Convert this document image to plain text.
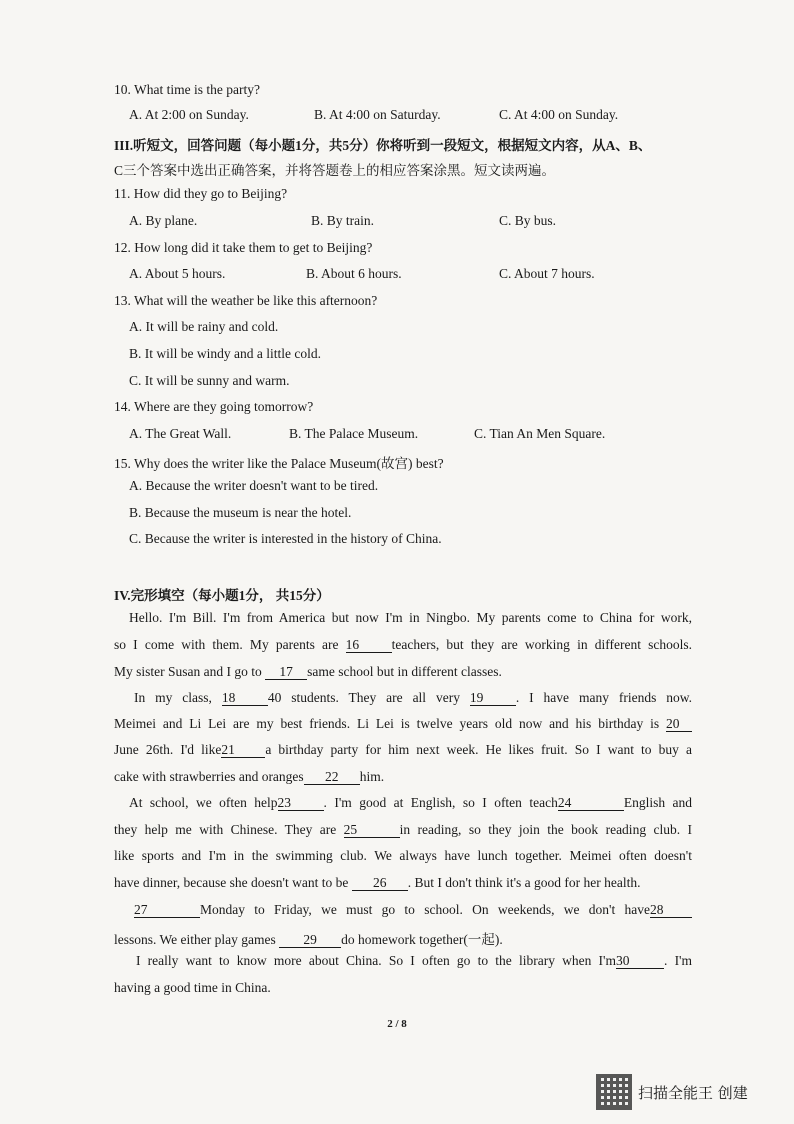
10. What time is the party?
A. At 2:00 on Sunday.	B. At 4:00 on Saturday.	C. At 4:00 on Sunday.
III.听短文，回答问题（每小题1分，共5分）你将听到一段短文，根据短文内容，从A、B、
C三个答案中选出正确答案，并将答题卷上的相应答案涂黑。短文读两遍。
11. How did they go to Beijing?
A. By plane.	B. By train.	C. By bus.
12. How long did it take them to get to Beijing?
A. About 5 hours.	B. About 6 hours.	C. About 7 hours.
13. What will the weather be like this afternoon?
A. It will be rainy and cold.
B. It will be windy and a little cold.
C. It will be sunny and warm.
14. Where are they going tomorrow?
A. The Great Wall.	B. The Palace Museum.	C. Tian An Men Square.
15. Why does the writer like the Palace Museum(故宫) best?
A. Because the writer doesn't want to be tired.
B. Because the museum is near the hotel.
C. Because the writer is interested in the history of China.
IV.完形填空（每小题1分， 共15分）
Hello. I'm Bill. I'm from America but now I'm in Ningbo. My parents come to China for work,
so I come with them. My parents are 16 teachers, but they are working in different schools.
My sister Susan and I go to 17 same school but in different classes.
In my class, 18 40 students. They are all very 19 . I have many friends now.
Meimei and Li Lei are my best friends. Li Lei is twelve years old now and his birthday is 20
June 26th. I'd like21 a birthday party for him next week. He likes fruit. So I want to buy a
cake with strawberries and oranges 22 him.
At school, we often help23 . I'm good at English, so I often teach24	English and
they help me with Chinese. They are 25	in reading, so they join the book reading club. I
like sports and I'm in the swimming club. We always have lunch together. Meimei often doesn't
have dinner, because she doesn't want to be 26 . But I don't think it's a good for her health.
27	Monday to Friday, we must go to school. On weekends, we don't have28
lessons. We either play games 29 do homework together(一起).
I really want to know more about China. So I often go to the library when I'm30	. I'm
having a good time in China.
2 / 8
扫描全能王 创建
